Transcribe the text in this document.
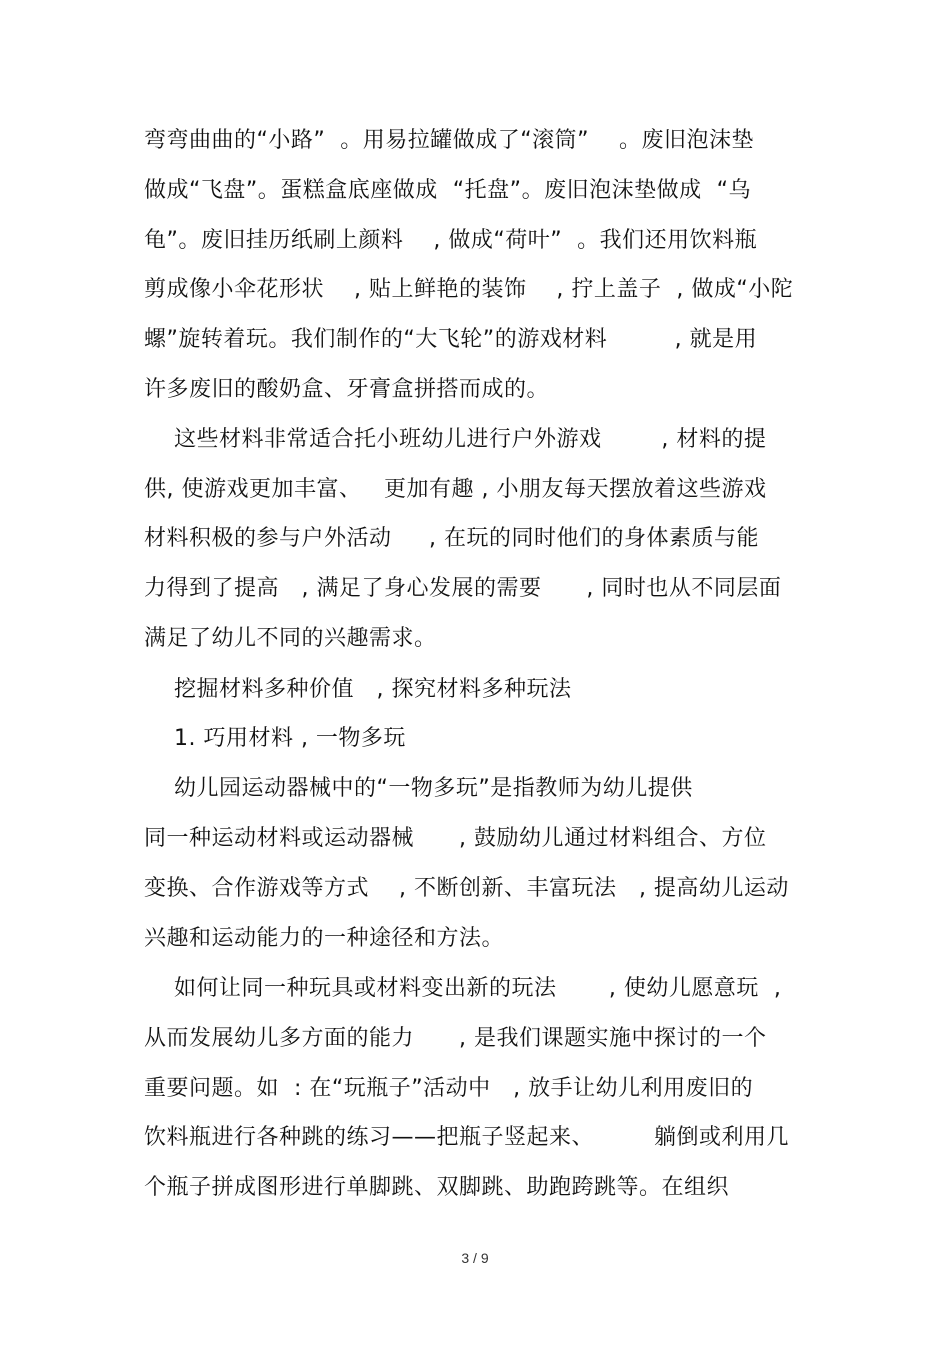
弯弯曲曲的“小路”  。用易拉罐做成了“滚筒”    。废旧泡沫垫
做成“飞盘”。蛋糕盒底座做成  “托盘”。废旧泡沫垫做成  “乌
龟”。废旧挂历纸刷上颜料    , 做成“荷叶”  。我们还用饮料瓶
剪成像小伞花形状    , 贴上鲜艳的装饰    , 拧上盖子  , 做成“小陀
螺”旋转着玩。我们制作的“大飞轮”的游戏材料         , 就是用
许多废旧的酸奶盒、牙膏盒拼搭而成的。
这些材料非常适合托小班幼儿进行户外游戏        , 材料的提
供, 使游戏更加丰富、   更加有趣 , 小朋友每天摆放着这些游戏
材料积极的参与户外活动     , 在玩的同时他们的身体素质与能
力得到了提高   , 满足了身心发展的需要      , 同时也从不同层面
满足了幼儿不同的兴趣需求。
挖掘材料多种价值   , 探究材料多种玩法
1. 巧用材料 , 一物多玩
幼儿园运动器械中的“一物多玩”是指教师为幼儿提供
同一种运动材料或运动器械      , 鼓励幼儿通过材料组合、方位
变换、合作游戏等方式    , 不断创新、丰富玩法   , 提高幼儿运动
兴趣和运动能力的一种途径和方法。
如何让同一种玩具或材料变出新的玩法       , 使幼儿愿意玩  ,
从而发展幼儿多方面的能力      , 是我们课题实施中探讨的一个
重要问题。如  : 在“玩瓶子”活动中   , 放手让幼儿利用废旧的
饮料瓶进行各种跳的练习——把瓶子竖起来、        躺倒或利用几
个瓶子拼成图形进行单脚跳、双脚跳、助跑跨跳等。在组织
3 / 9
